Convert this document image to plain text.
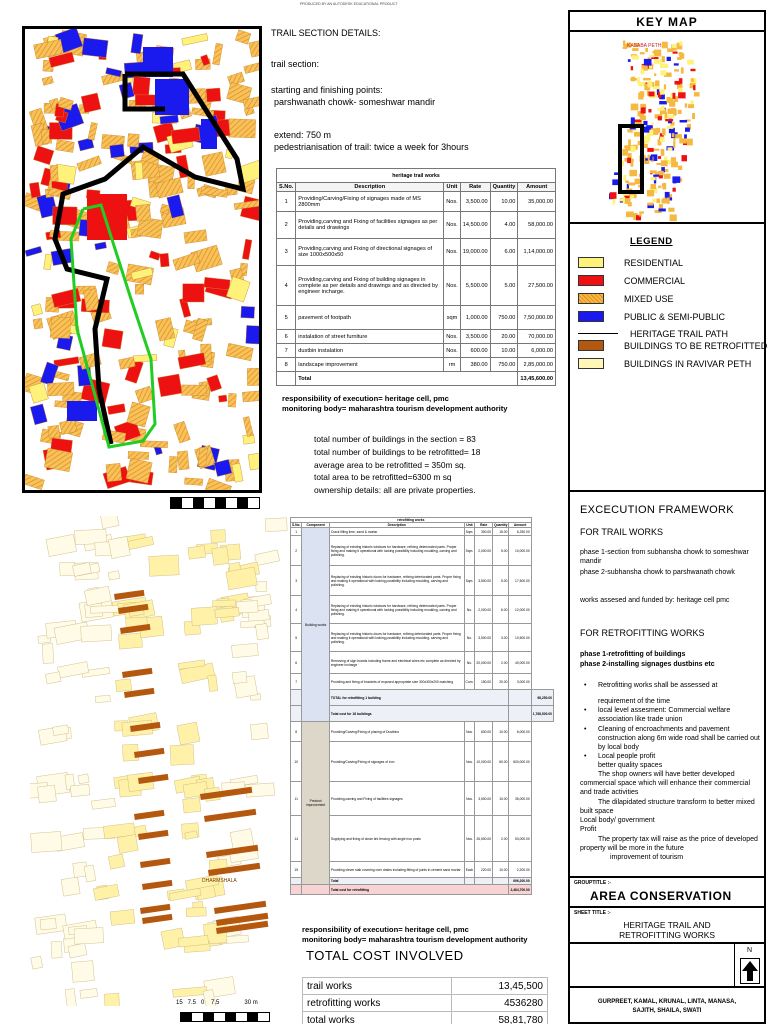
PRODUCED BY AN AUTODESK EDUCATIONAL PRODUCT
TRAIL SECTION DETAILS:
trail section:
starting and finishing points:
parshwanath chowk- someshwar mandir
extend: 750 m
pedestrianisation of trail: twice a week for 3hours
heritage trail works					
S.No.	Description	Unit	Rate	Quantity	Amount
1	Providing/Carving/Fixing of signages made of MS 2800mm	Nos.	3,500.00	10.00	35,000.00
2	Providing,carving and Fixing of facilities signages as per details and drawings	Nos.	14,500.00	4.00	58,000.00
3	Providing,carving and Fixing of directional signages of size 1000x500x50	Nos.	19,000.00	6.00	1,14,000.00
4	Providing,carving and Fixing of building signages in complete as per details and drawings and as directed by engineer incharge.	Nos.	5,500.00	5.00	27,500.00
5	pavement of footpath	sqm	1,000.00	750.00	7,50,000.00
6	instalation of street furniture	Nos.	3,500.00	20.00	70,000.00
7	dustbin instalation	Nos.	600.00	10.00	6,000.00
8	landscape improvement	rm	380.00	750.00	2,85,000.00
	Total				13,45,600.00
responsibility of execution= heritage cell, pmc
monitoring body= maharashtra tourism development authority
total number of buildings in the section = 83
total number of buildings to be retrofitted= 18
average area to be retrofitted = 350m sq.
total area to be retrofitted=6300 m sq
ownership details: all are private properties.
DHARMSHALA
15   7.5   0    7.5               30 m
retrofitting works							
S.No.	Component	Description	Unit	Rate	Quantity	Amount	
1	Building works	Crack filling lime, sand & mortar	Sqm.	300.00	15.00	6,250.00	
2		Replacing of existing historic windows for hardware, refixing deteriorated parts. Proper fixing and making it operational with locking possibility including moulding, carving and polishing.	Sqm.	2,000.00	5.00	10,000.00	
3		Replacing of existing historic doors for hardware, refixing deteriorated parts. Proper fixing and making it operational with locking possibility including moulding, carving and polishing.	Sqm.	3,500.00	5.00	17,500.00	
4		Replacing of existing historic windows for hardware, refixing deteriorated parts. Proper fixing and making it operational with locking possibility including moulding, carving and polishing.	No.	2,000.00	6.00	12,000.00	
5		Replacing of existing historic doors for hardware, refixing deteriorated parts. Proper fixing and making it operational with locking possibility including moulding, carving and polishing.	No.	3,500.00	3.00	10,500.00	
6		Removing of sign boards including frame and electrical wires etc complete as directed by engineer incharge	No.	20,000.00	2.00	40,000.00	
7		Providing and fixing of brackets of exposed appropriate size 300x300x200 matching	Cum.	150.00	20.00	3,000.00	
		TOTAL for retrofitting 1 building					98,250.00
		Total cost for 18 buildings					1,768,500.00
8	Precinct improvement	Providing/Carving/Fixing of placing of Dustbins	Nos.	600.00	10.00	6,000.00	
10		Providing/Carving/Fixing of signages of iron	Nos.	10,000.00	60.00	600,000.00	
11		Providing,carving and Fixing of facilities signages	Nos.	3,500.00	10.00	35,000.00	
14		Supplying and fixing of clean brk fencing with angle iron posts	Nos.	26,500.00	2.00	53,000.00	
15		Providing clever slab covering over drains including fitting of joints in cement sand mortar	Each	220.00	10.00	2,200.00	
		Total				696,200.00	
		Total cost for retrofitting				2,464,700.00	
responsibility of execution= heritage cell, pmc
monitoring body= maharashtra tourism development authority
TOTAL COST INVOLVED
trail works	13,45,500
retrofitting works	4536280
total works	58,81,780
KEY MAP
KASABA PETH
LEGEND
RESIDENTIAL
COMMERCIAL
MIXED USE
PUBLIC & SEMI-PUBLIC
HERITAGE TRAIL PATH
BUILDINGS TO BE RETROFITTED
BUILDINGS IN RAVIVAR PETH
EXCECUTION FRAMEWORK
FOR TRAIL WORKS
phase 1-section from subhansha chowk to someshwar mandir
phase 2-subhansha chowk to parshwanath chowk
works assesed and funded by: heritage cell pmc
FOR RETROFITTING WORKS
phase 1-retrofitting of buildings
phase 2-installing signages dustbins etc
•	Retrofitting works shall be assessed at
requirement of the time
•	local level assesment: Commercial welfare association like trade union
•	Cleaning of encroachments and pavement construction along 6m wide road shall be carried out by local body
•	Local people profit
better quality spaces
The shop owners will have better developed commercial space which will enhance their commercial and trade activities
The dilapidated structure transform to better mixed built space
Local body/ government
Profit
The property tax will raise as the price of developed property will be more in the future
improvement of tourism
GROUPTITLE :-
AREA CONSERVATION
SHEET TITLE :-
HERITAGE TRAIL AND
RETROFITTING WORKS
N
GURPREET, KAMAL, KRUNAL, LINTA, MANASA,
SAJITH, SHAILA, SWATI
